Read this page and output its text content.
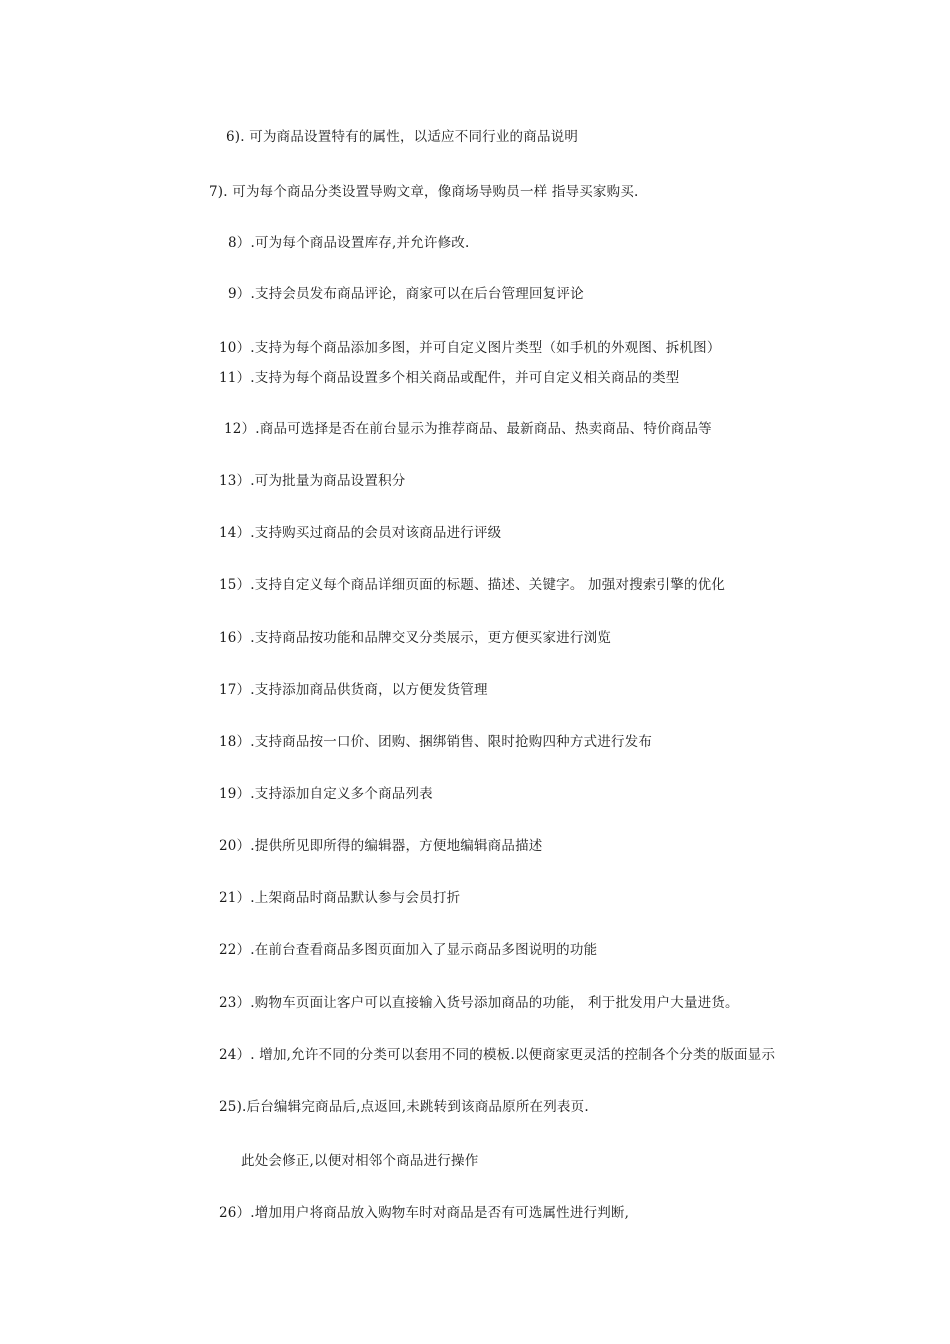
6). 可为商品设置特有的属性，以适应不同行业的商品说明
7). 可为每个商品分类设置导购文章，像商场导购员一样 指导买家购买.
8）.可为每个商品设置库存,并允许修改.
9）.支持会员发布商品评论，商家可以在后台管理回复评论
10）.支持为每个商品添加多图，并可自定义图片类型（如手机的外观图、拆机图）
11）.支持为每个商品设置多个相关商品或配件，并可自定义相关商品的类型
12）.商品可选择是否在前台显示为推荐商品、最新商品、热卖商品、特价商品等
13）.可为批量为商品设置积分
14）.支持购买过商品的会员对该商品进行评级
15）.支持自定义每个商品详细页面的标题、描述、关键字。 加强对搜索引擎的优化
16）.支持商品按功能和品牌交叉分类展示，更方便买家进行浏览
17）.支持添加商品供货商，以方便发货管理
18）.支持商品按一口价、团购、捆绑销售、限时抢购四种方式进行发布
19）.支持添加自定义多个商品列表
20）.提供所见即所得的编辑器，方便地编辑商品描述
21）.上架商品时商品默认参与会员打折
22）.在前台查看商品多图页面加入了显示商品多图说明的功能
23）.购物车页面让客户可以直接输入货号添加商品的功能， 利于批发用户大量进货。
24）. 增加,允许不同的分类可以套用不同的模板.以便商家更灵活的控制各个分类的版面显示
25).后台编辑完商品后,点返回,未跳转到该商品原所在列表页.
此处会修正,以便对相邻个商品进行操作
26）.增加用户将商品放入购物车时对商品是否有可选属性进行判断,
